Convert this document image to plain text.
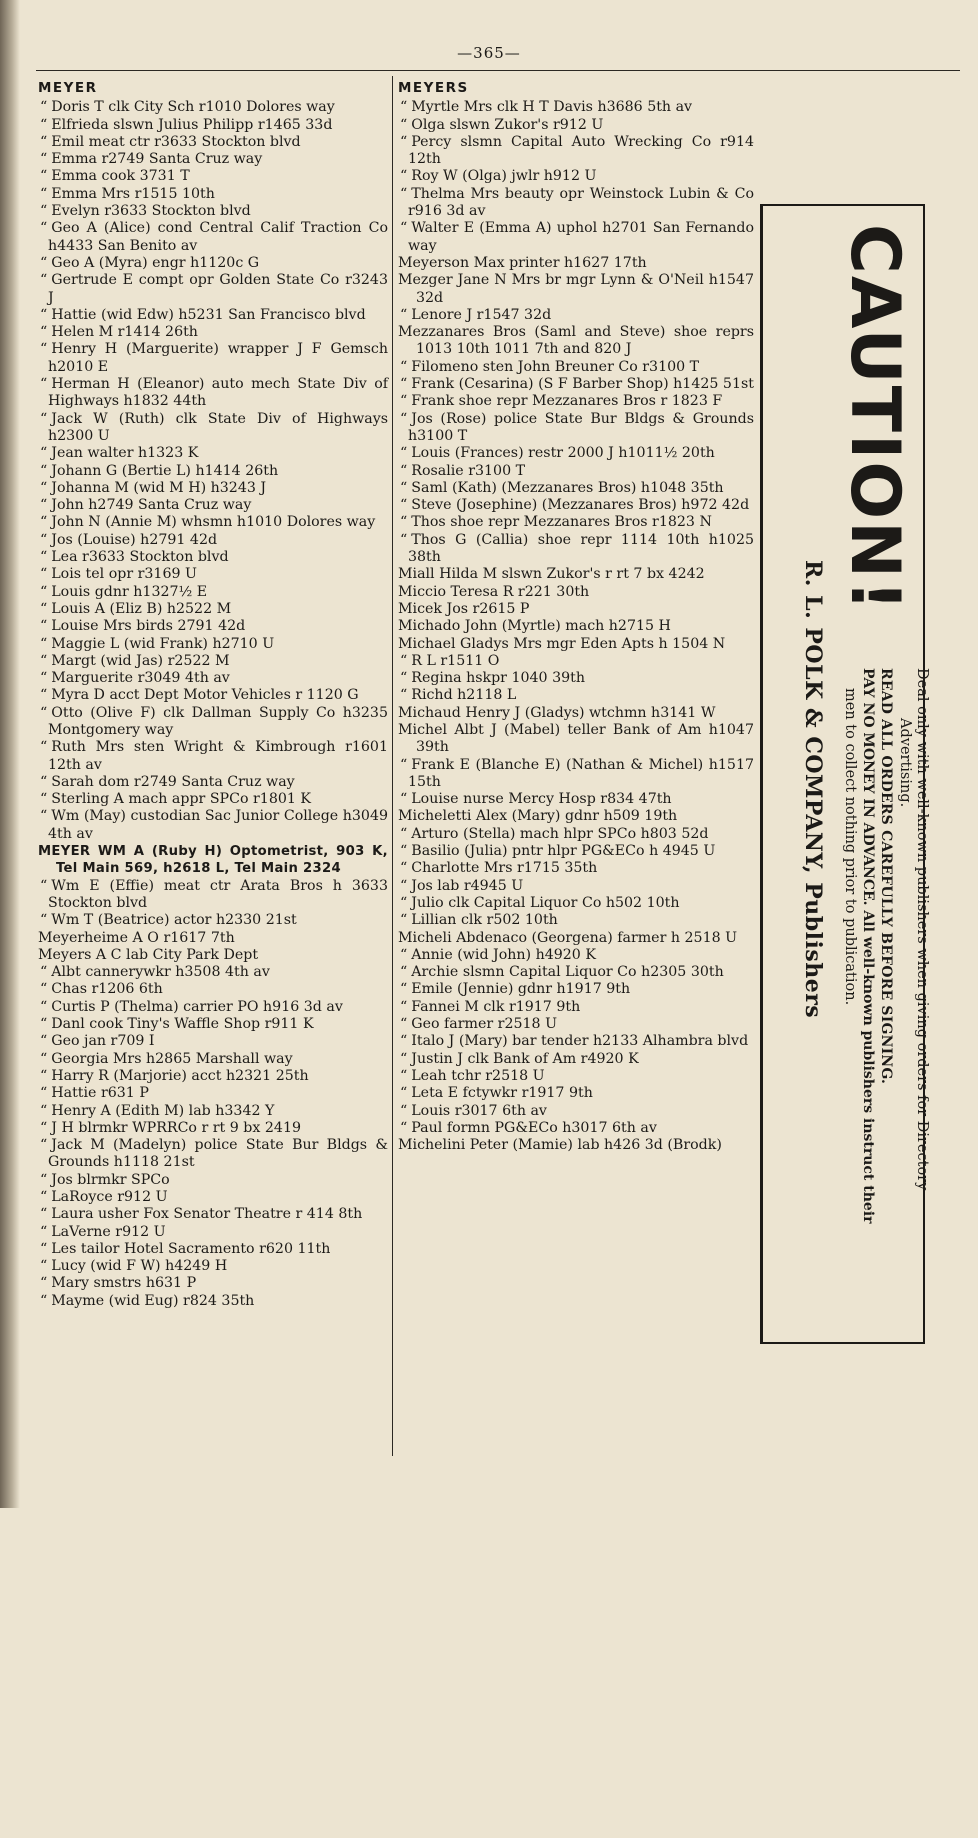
—365—
MEYER
“ Doris T clk City Sch r1010 Dolores way
“ Elfrieda slswn Julius Philipp r1465 33d
“ Emil meat ctr r3633 Stockton blvd
“ Emma r2749 Santa Cruz way
“ Emma cook 3731 T
“ Emma Mrs r1515 10th
“ Evelyn r3633 Stockton blvd
“ Geo A (Alice) cond Central Calif Traction Co h4433 San Benito av
“ Geo A (Myra) engr h1120c G
“ Gertrude E compt opr Golden State Co r3243 J
“ Hattie (wid Edw) h5231 San Francisco blvd
“ Helen M r1414 26th
“ Henry H (Marguerite) wrapper J F Gemsch h2010 E
“ Herman H (Eleanor) auto mech State Div of Highways h1832 44th
“ Jack W (Ruth) clk State Div of Highways h2300 U
“ Jean walter h1323 K
“ Johann G (Bertie L) h1414 26th
“ Johanna M (wid M H) h3243 J
“ John h2749 Santa Cruz way
“ John N (Annie M) whsmn h1010 Dolores way
“ Jos (Louise) h2791 42d
“ Lea r3633 Stockton blvd
“ Lois tel opr r3169 U
“ Louis gdnr h1327½ E
“ Louis A (Eliz B) h2522 M
“ Louise Mrs birds 2791 42d
“ Maggie L (wid Frank) h2710 U
“ Margt (wid Jas) r2522 M
“ Marguerite r3049 4th av
“ Myra D acct Dept Motor Vehicles r 1120 G
“ Otto (Olive F) clk Dallman Supply Co h3235 Montgomery way
“ Ruth Mrs sten Wright & Kimbrough r1601 12th av
“ Sarah dom r2749 Santa Cruz way
“ Sterling A mach appr SPCo r1801 K
“ Wm (May) custodian Sac Junior College h3049 4th av
MEYER WM A (Ruby H) Optometrist, 903 K, Tel Main 569, h2618 L, Tel Main 2324
“ Wm E (Effie) meat ctr Arata Bros h 3633 Stockton blvd
“ Wm T (Beatrice) actor h2330 21st
Meyerheime A O r1617 7th
Meyers A C lab City Park Dept
“ Albt cannerywkr h3508 4th av
“ Chas r1206 6th
“ Curtis P (Thelma) carrier PO h916 3d av
“ Danl cook Tiny's Waffle Shop r911 K
“ Geo jan r709 I
“ Georgia Mrs h2865 Marshall way
“ Harry R (Marjorie) acct h2321 25th
“ Hattie r631 P
“ Henry A (Edith M) lab h3342 Y
“ J H blrmkr WPRRCo r rt 9 bx 2419
“ Jack M (Madelyn) police State Bur Bldgs & Grounds h1118 21st
“ Jos blrmkr SPCo
“ LaRoyce r912 U
“ Laura usher Fox Senator Theatre r 414 8th
“ LaVerne r912 U
“ Les tailor Hotel Sacramento r620 11th
“ Lucy (wid F W) h4249 H
“ Mary smstrs h631 P
“ Mayme (wid Eug) r824 35th
MEYERS
“ Myrtle Mrs clk H T Davis h3686 5th av
“ Olga slswn Zukor's r912 U
“ Percy slsmn Capital Auto Wrecking Co r914 12th
“ Roy W (Olga) jwlr h912 U
“ Thelma Mrs beauty opr Weinstock Lubin & Co r916 3d av
“ Walter E (Emma A) uphol h2701 San Fernando way
Meyerson Max printer h1627 17th
Mezger Jane N Mrs br mgr Lynn & O'Neil h1547 32d
“ Lenore J r1547 32d
Mezzanares Bros (Saml and Steve) shoe reprs 1013 10th 1011 7th and 820 J
“ Filomeno sten John Breuner Co r3100 T
“ Frank (Cesarina) (S F Barber Shop) h1425 51st
“ Frank shoe repr Mezzanares Bros r 1823 F
“ Jos (Rose) police State Bur Bldgs & Grounds h3100 T
“ Louis (Frances) restr 2000 J h1011½ 20th
“ Rosalie r3100 T
“ Saml (Kath) (Mezzanares Bros) h1048 35th
“ Steve (Josephine) (Mezzanares Bros) h972 42d
“ Thos shoe repr Mezzanares Bros r1823 N
“ Thos G (Callia) shoe repr 1114 10th h1025 38th
Miall Hilda M slswn Zukor's r rt 7 bx 4242
Miccio Teresa R r221 30th
Micek Jos r2615 P
Michado John (Myrtle) mach h2715 H
Michael Gladys Mrs mgr Eden Apts h 1504 N
“ R L r1511 O
“ Regina hskpr 1040 39th
“ Richd h2118 L
Michaud Henry J (Gladys) wtchmn h3141 W
Michel Albt J (Mabel) teller Bank of Am h1047 39th
“ Frank E (Blanche E) (Nathan & Michel) h1517 15th
“ Louise nurse Mercy Hosp r834 47th
Micheletti Alex (Mary) gdnr h509 19th
“ Arturo (Stella) mach hlpr SPCo h803 52d
“ Basilio (Julia) pntr hlpr PG&ECo h 4945 U
“ Charlotte Mrs r1715 35th
“ Jos lab r4945 U
“ Julio clk Capital Liquor Co h502 10th
“ Lillian clk r502 10th
Micheli Abdenaco (Georgena) farmer h 2518 U
“ Annie (wid John) h4920 K
“ Archie slsmn Capital Liquor Co h2305 30th
“ Emile (Jennie) gdnr h1917 9th
“ Fannei M clk r1917 9th
“ Geo farmer r2518 U
“ Italo J (Mary) bar tender h2133 Alhambra blvd
“ Justin J clk Bank of Am r4920 K
“ Leah tchr r2518 U
“ Leta E fctywkr r1917 9th
“ Louis r3017 6th av
“ Paul formn PG&ECo h3017 6th av
Michelini Peter (Mamie) lab h426 3d (Brodk)	Deal only with well-known publishers when giving orders for Directory
Advertising.
READ ALL ORDERS CAREFULLY BEFORE SIGNING.
PAY NO MONEY IN ADVANCE. All well-known publishers instruct their
men to collect nothing prior to publication.
CAUTION!
R. L. POLK & COMPANY, Publishers
